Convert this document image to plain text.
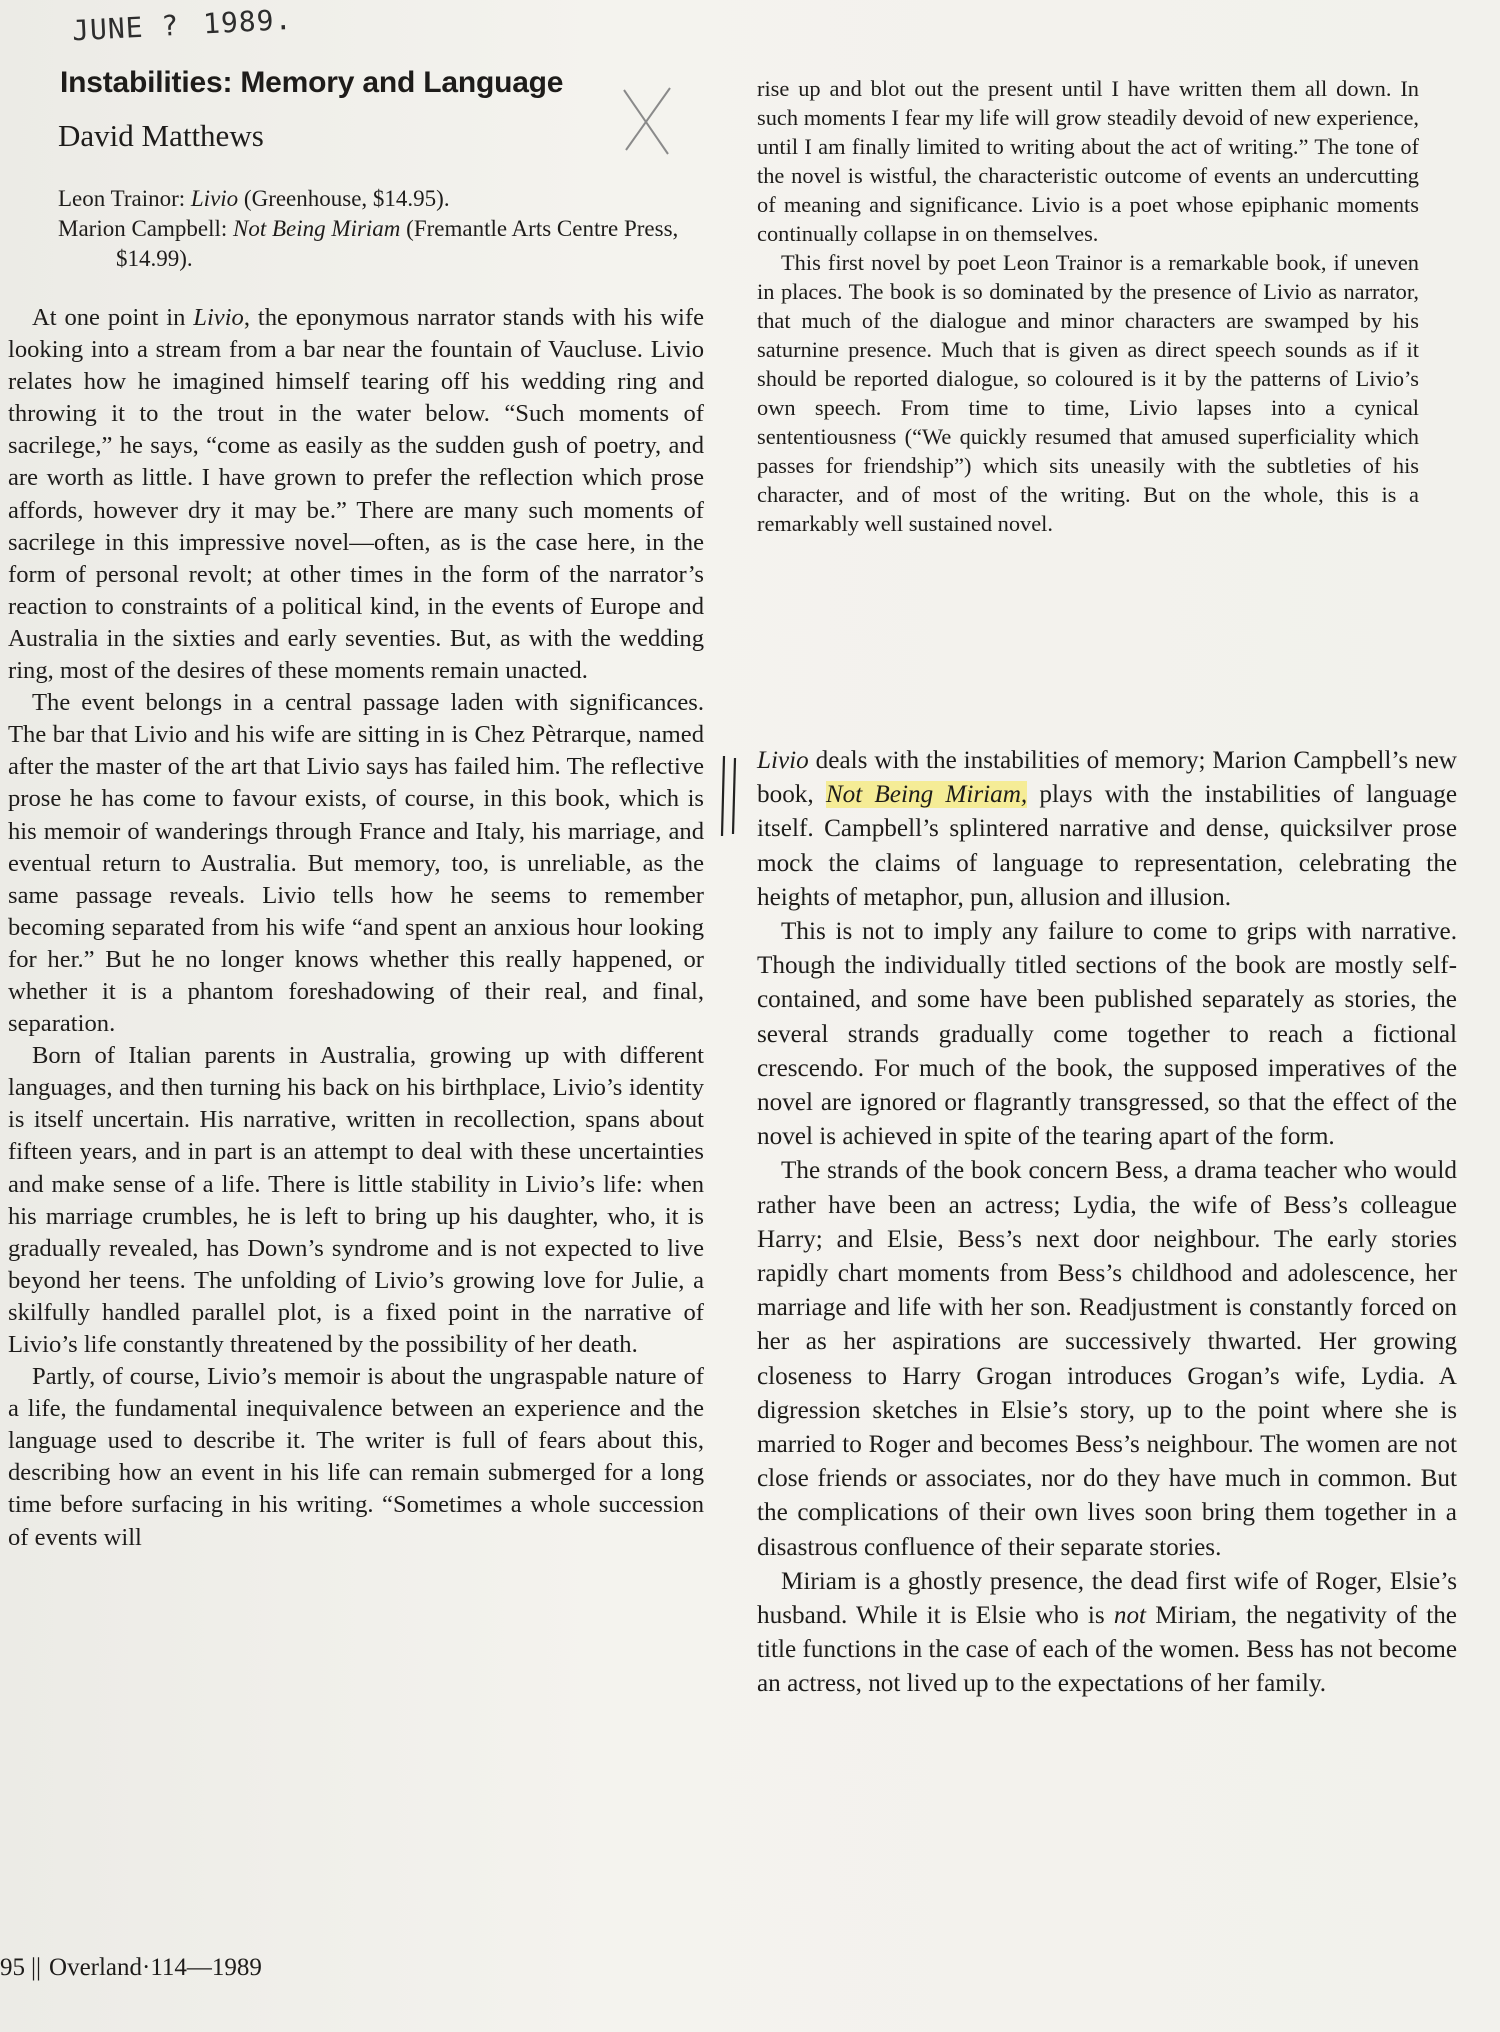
JUNE ? 1989.
Instabilities: Memory and Language
David Matthews
Leon Trainor: Livio (Greenhouse, $14.95).
Marion Campbell: Not Being Miriam (Fremantle Arts Centre Press, $14.99).

At one point in Livio, the eponymous narrator stands with his wife looking into a stream from a bar near the fountain of Vaucluse. Livio relates how he imagined himself tearing off his wedding ring and throwing it to the trout in the water below. “Such moments of sacrilege,” he says, “come as easily as the sudden gush of poetry, and are worth as little. I have grown to prefer the reflection which prose affords, however dry it may be.” There are many such moments of sacrilege in this impressive novel—often, as is the case here, in the form of personal revolt; at other times in the form of the narrator’s reaction to constraints of a political kind, in the events of Europe and Australia in the sixties and early seventies. But, as with the wedding ring, most of the desires of these moments remain unacted.

The event belongs in a central passage laden with significances. The bar that Livio and his wife are sitting in is Chez Pètrarque, named after the master of the art that Livio says has failed him. The reflective prose he has come to favour exists, of course, in this book, which is his memoir of wanderings through France and Italy, his marriage, and eventual return to Australia. But memory, too, is unreliable, as the same passage reveals. Livio tells how he seems to remember becoming separated from his wife “and spent an anxious hour looking for her.” But he no longer knows whether this really happened, or whether it is a phantom foreshadowing of their real, and final, separation.

Born of Italian parents in Australia, growing up with different languages, and then turning his back on his birthplace, Livio’s identity is itself uncertain. His narrative, written in recollection, spans about fifteen years, and in part is an attempt to deal with these uncertainties and make sense of a life. There is little stability in Livio’s life: when his marriage crumbles, he is left to bring up his daughter, who, it is gradually revealed, has Down’s syndrome and is not expected to live beyond her teens. The unfolding of Livio’s growing love for Julie, a skilfully handled parallel plot, is a fixed point in the narrative of Livio’s life constantly threatened by the possibility of her death.

Partly, of course, Livio’s memoir is about the ungraspable nature of a life, the fundamental inequivalence between an experience and the language used to describe it. The writer is full of fears about this, describing how an event in his life can remain submerged for a long time before surfacing in his writing. “Sometimes a whole succession of events will

rise up and blot out the present until I have written them all down. In such moments I fear my life will grow steadily devoid of new experience, until I am finally limited to writing about the act of writing.” The tone of the novel is wistful, the characteristic outcome of events an undercutting of meaning and significance. Livio is a poet whose epiphanic moments continually collapse in on themselves.

This first novel by poet Leon Trainor is a remarkable book, if uneven in places. The book is so dominated by the presence of Livio as narrator, that much of the dialogue and minor characters are swamped by his saturnine presence. Much that is given as direct speech sounds as if it should be reported dialogue, so coloured is it by the patterns of Livio’s own speech. From time to time, Livio lapses into a cynical sententiousness (“We quickly resumed that amused superficiality which passes for friendship”) which sits uneasily with the subtleties of his character, and of most of the writing. But on the whole, this is a remarkably well sustained novel.

Livio deals with the instabilities of memory; Marion Campbell’s new book, Not Being Miriam, plays with the instabilities of language itself. Campbell’s splintered narrative and dense, quicksilver prose mock the claims of language to representation, celebrating the heights of metaphor, pun, allusion and illusion.

This is not to imply any failure to come to grips with narrative. Though the individually titled sections of the book are mostly self-contained, and some have been published separately as stories, the several strands gradually come together to reach a fictional crescendo. For much of the book, the supposed imperatives of the novel are ignored or flagrantly transgressed, so that the effect of the novel is achieved in spite of the tearing apart of the form.

The strands of the book concern Bess, a drama teacher who would rather have been an actress; Lydia, the wife of Bess’s colleague Harry; and Elsie, Bess’s next door neighbour. The early stories rapidly chart moments from Bess’s childhood and adolescence, her marriage and life with her son. Readjustment is constantly forced on her as her aspirations are successively thwarted. Her growing closeness to Harry Grogan introduces Grogan’s wife, Lydia. A digression sketches in Elsie’s story, up to the point where she is married to Roger and becomes Bess’s neighbour. The women are not close friends or associates, nor do they have much in common. But the complications of their own lives soon bring them together in a disastrous confluence of their separate stories.

Miriam is a ghostly presence, the dead first wife of Roger, Elsie’s husband. While it is Elsie who is not Miriam, the negativity of the title functions in the case of each of the women. Bess has not become an actress, not lived up to the expectations of her family.

95 || Overland·114—1989
